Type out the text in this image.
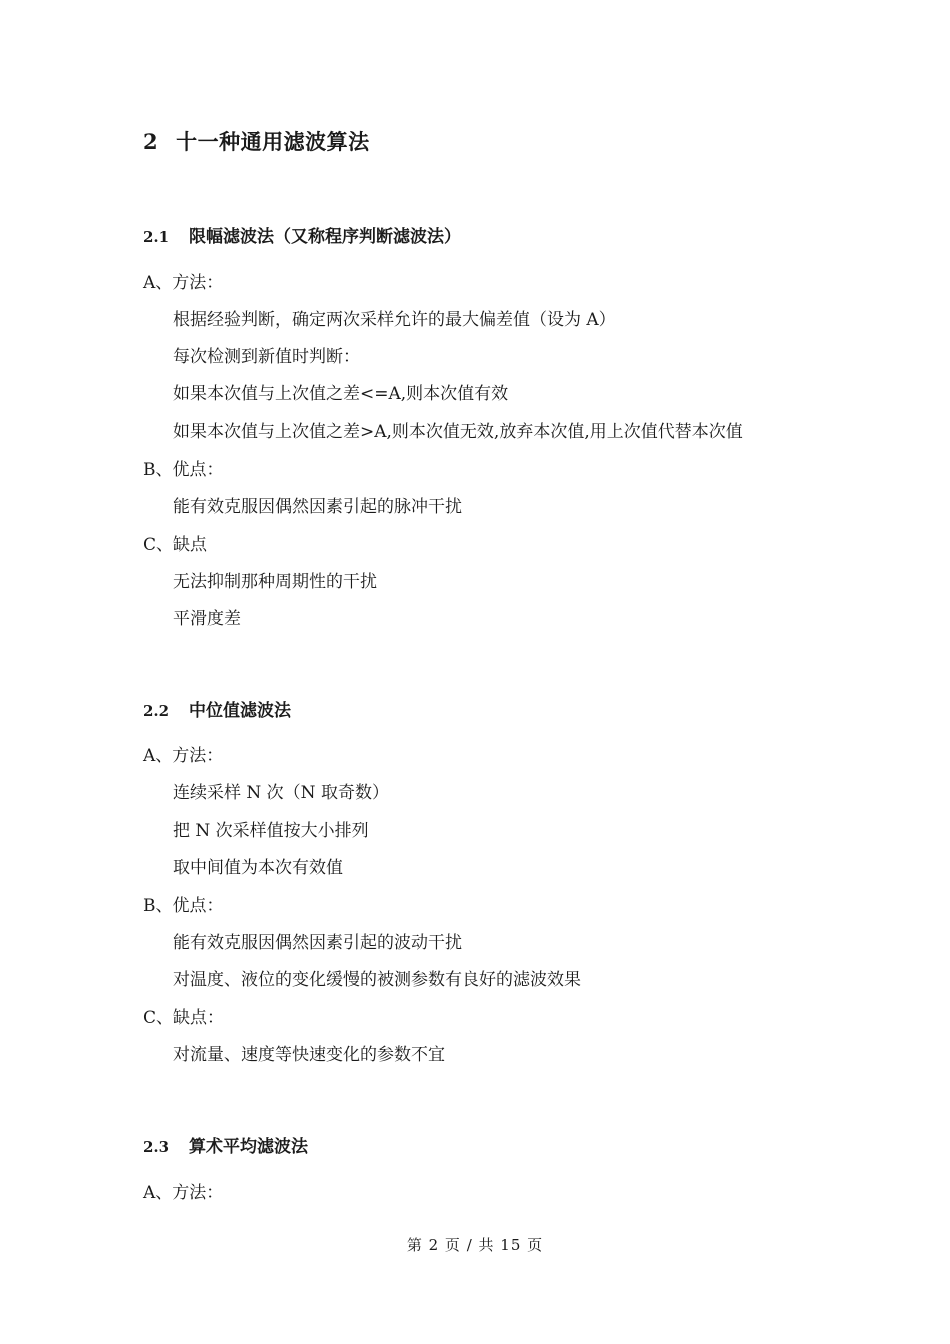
2 十一种通用滤波算法
2.1 限幅滤波法（又称程序判断滤波法）
A、方法：
根据经验判断，确定两次采样允许的最大偏差值（设为 A）
每次检测到新值时判断：
如果本次值与上次值之差<=A,则本次值有效
如果本次值与上次值之差>A,则本次值无效,放弃本次值,用上次值代替本次值
B、优点：
能有效克服因偶然因素引起的脉冲干扰
C、缺点
无法抑制那种周期性的干扰
平滑度差
2.2 中位值滤波法
A、方法：
连续采样 N 次（N 取奇数）
把 N 次采样值按大小排列
取中间值为本次有效值
B、优点：
能有效克服因偶然因素引起的波动干扰
对温度、液位的变化缓慢的被测参数有良好的滤波效果
C、缺点：
对流量、速度等快速变化的参数不宜
2.3 算术平均滤波法
A、方法：
第 2 页 / 共 15 页
